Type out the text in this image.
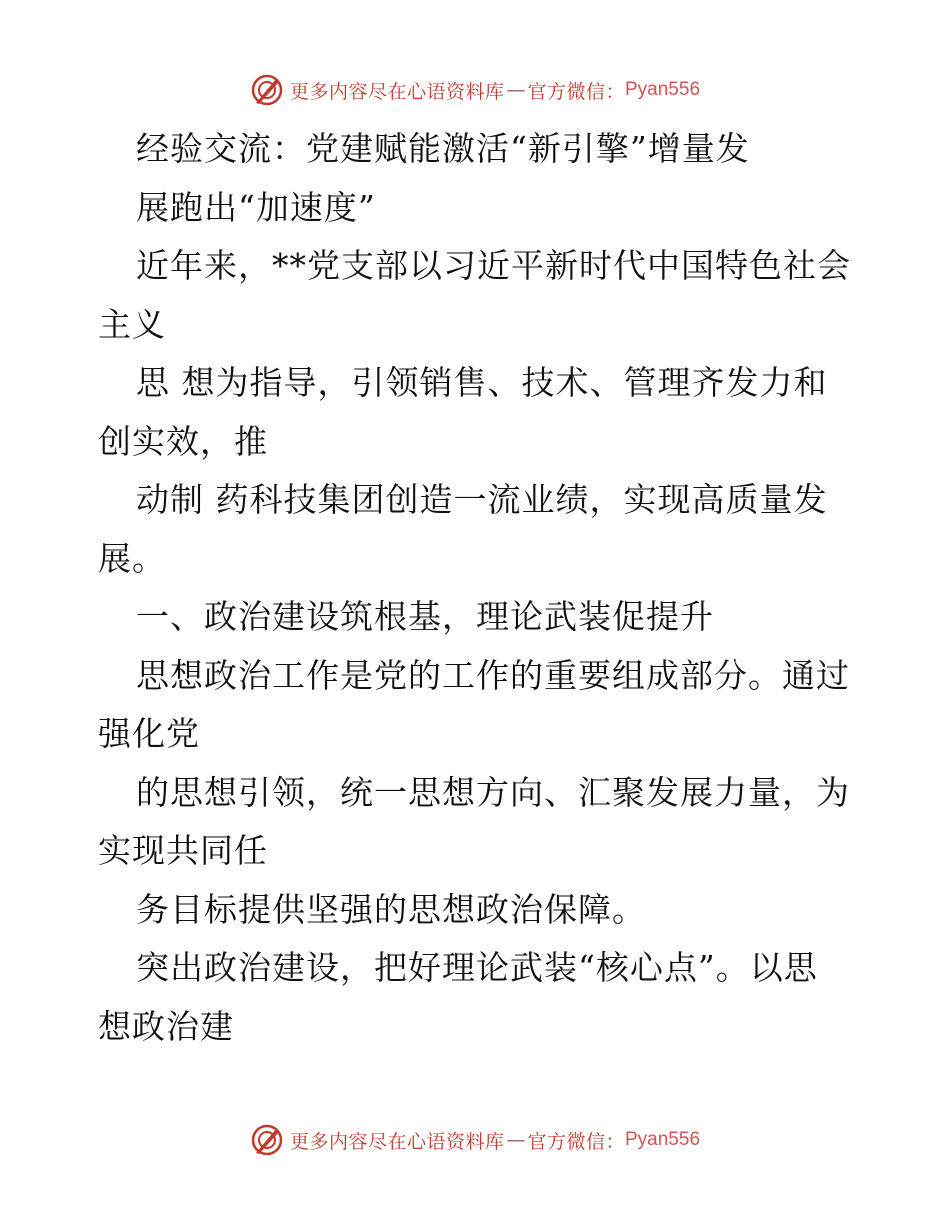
更多内容尽在心语资料库 — 官方微信： Pyan556
经验交流：党建赋能激活“新引擎”增量发
展跑出“加速度”
近年来，**党支部以习近平新时代中国特色社会
主义
思 想为指导，引领销售、技术、管理齐发力和
创实效，推
动制 药科技集团创造一流业绩，实现高质量发
展。
一、政治建设筑根基，理论武装促提升
思想政治工作是党的工作的重要组成部分。通过
强化党
的思想引领，统一思想方向、汇聚发展力量，为
实现共同任
务目标提供坚强的思想政治保障。
突出政治建设，把好理论武装“核心点”。以思
想政治建
更多内容尽在心语资料库 — 官方微信： Pyan556
